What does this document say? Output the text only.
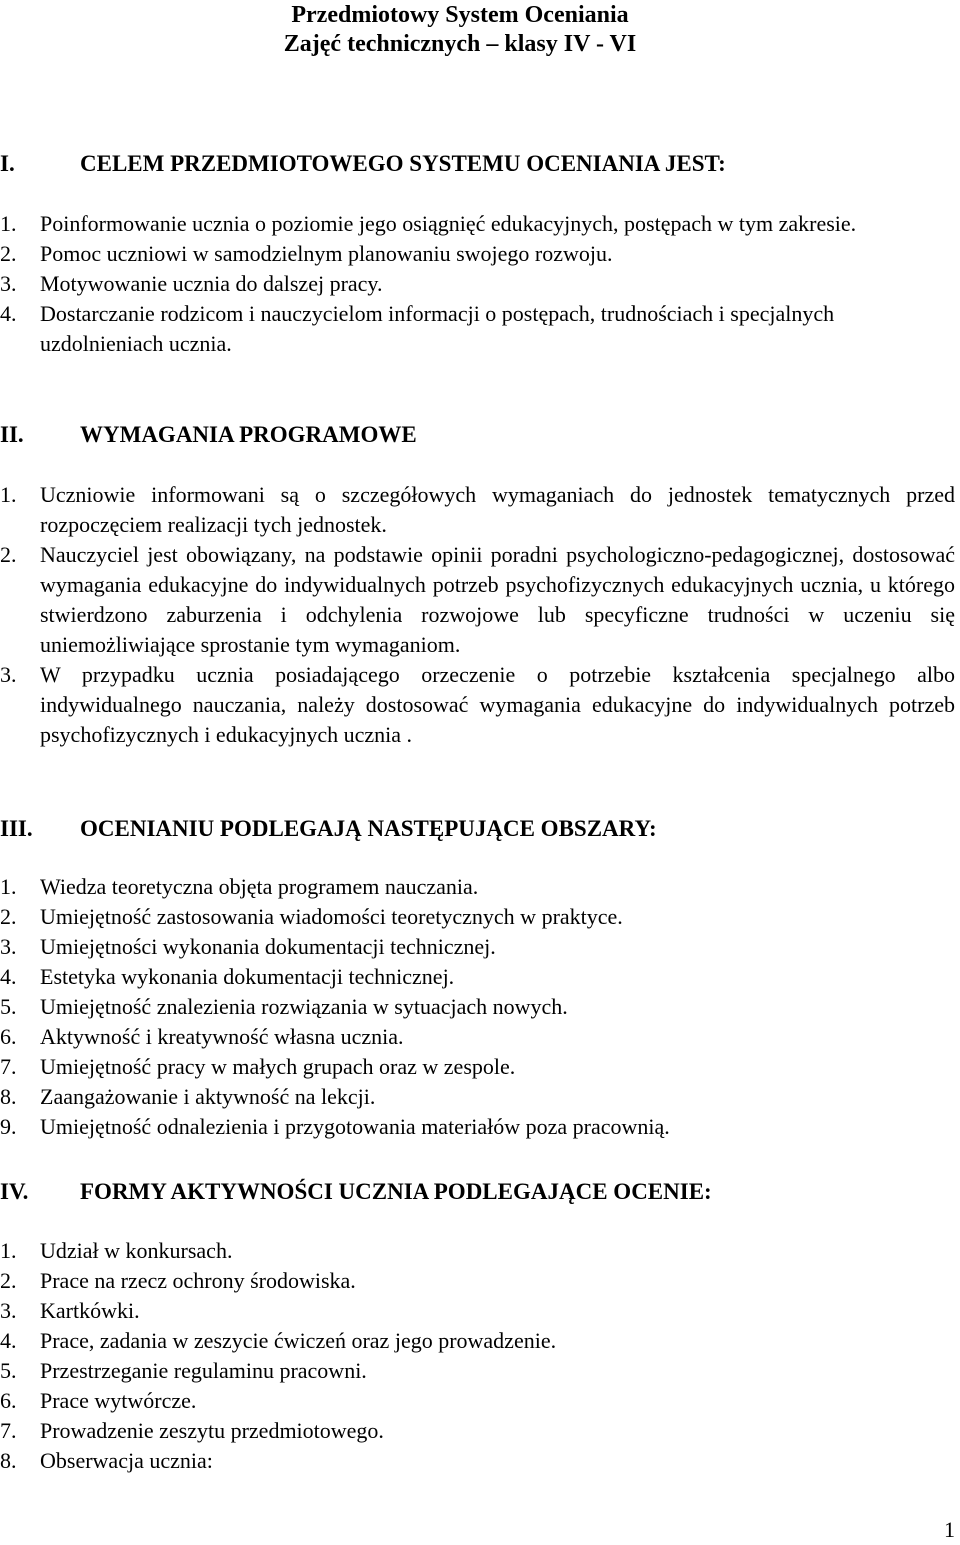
Przedmiotowy System Oceniania
Zajęć technicznych – klasy IV - VI
I.	CELEM PRZEDMIOTOWEGO SYSTEMU OCENIANIA JEST:
1. Poinformowanie ucznia o poziomie jego osiągnięć edukacyjnych, postępach w tym zakresie.
2. Pomoc uczniowi w samodzielnym planowaniu swojego rozwoju.
3. Motywowanie ucznia do dalszej pracy.
4. Dostarczanie rodzicom i nauczycielom informacji o postępach, trudnościach i specjalnych uzdolnieniach ucznia.
II. WYMAGANIA PROGRAMOWE
1. Uczniowie informowani są o szczegółowych wymaganiach do jednostek tematycznych przed rozpoczęciem realizacji tych jednostek.
2. Nauczyciel jest obowiązany, na podstawie opinii poradni psychologiczno-pedagogicznej, dostosować wymagania edukacyjne do indywidualnych potrzeb psychofizycznych edukacyjnych ucznia, u którego stwierdzono zaburzenia i odchylenia rozwojowe lub specyficzne trudności w uczeniu się uniemożliwiające sprostanie tym wymaganiom.
3. W przypadku ucznia posiadającego orzeczenie o potrzebie kształcenia specjalnego albo indywidualnego nauczania, należy dostosować wymagania edukacyjne do indywidualnych potrzeb psychofizycznych i edukacyjnych ucznia .
III. OCENIANIU PODLEGAJĄ NASTĘPUJĄCE OBSZARY:
1. Wiedza teoretyczna objęta programem nauczania.
2. Umiejętność zastosowania wiadomości teoretycznych w praktyce.
3. Umiejętności wykonania dokumentacji technicznej.
4. Estetyka wykonania dokumentacji technicznej.
5. Umiejętność znalezienia rozwiązania w sytuacjach nowych.
6. Aktywność i kreatywność własna ucznia.
7. Umiejętność pracy w małych grupach oraz w zespole.
8. Zaangażowanie i aktywność na lekcji.
9. Umiejętność odnalezienia i przygotowania materiałów poza pracownią.
IV. FORMY AKTYWNOŚCI UCZNIA PODLEGAJĄCE OCENIE:
1. Udział w konkursach.
2. Prace na rzecz ochrony środowiska.
3. Kartkówki.
4. Prace, zadania w zeszycie ćwiczeń oraz jego prowadzenie.
5. Przestrzeganie regulaminu pracowni.
6. Prace wytwórcze.
7. Prowadzenie zeszytu przedmiotowego.
8. Obserwacja ucznia:
1
